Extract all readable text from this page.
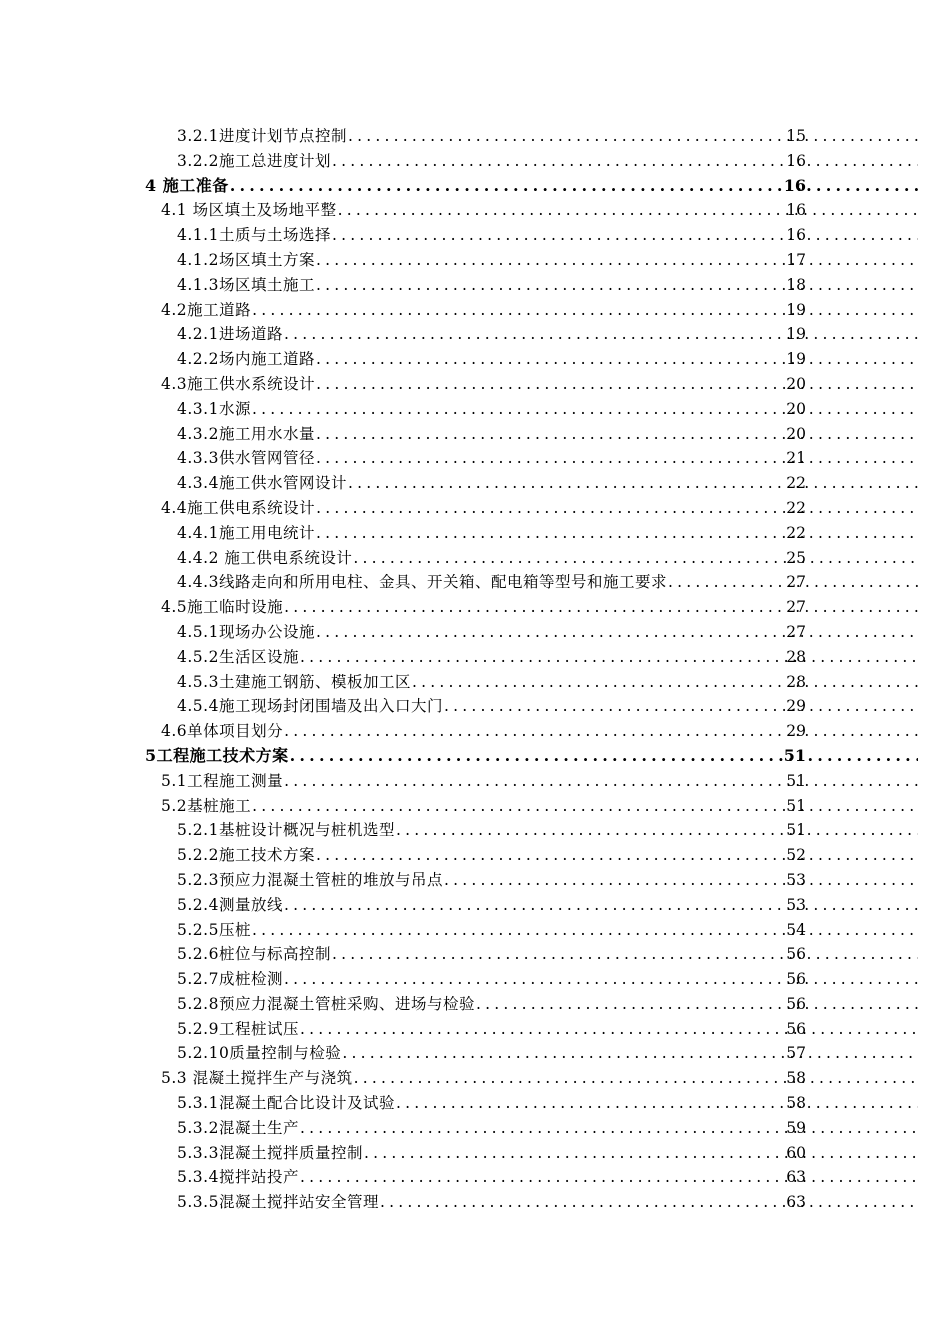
3.2.1进度计划节点控制 .....	15
3.2.2施工总进度计划 .....	16
4 施工准备 .....	16
4.1 场区填土及场地平整 .....	16
4.1.1土质与土场选择 .....	16
4.1.2场区填土方案 .....	17
4.1.3场区填土施工 .....	18
4.2施工道路 .....	19
4.2.1进场道路 .....	19
4.2.2场内施工道路 .....	19
4.3施工供水系统设计 .....	20
4.3.1水源 .....	20
4.3.2施工用水水量 .....	20
4.3.3供水管网管径 .....	21
4.3.4施工供水管网设计 .....	22
4.4施工供电系统设计 .....	22
4.4.1施工用电统计 .....	22
4.4.2 施工供电系统设计 .....	25
4.4.3线路走向和所用电柱、金具、开关箱、配电箱等型号和施工要求 .....	27
4.5施工临时设施 .....	27
4.5.1现场办公设施 .....	27
4.5.2生活区设施 .....	28
4.5.3土建施工钢筋、模板加工区 .....	28
4.5.4施工现场封闭围墙及出入口大门 .....	29
4.6单体项目划分 .....	29
5工程施工技术方案 .....	51
5.1工程施工测量 .....	51
5.2基桩施工 .....	51
5.2.1基桩设计概况与桩机选型 .....	51
5.2.2施工技术方案 .....	52
5.2.3预应力混凝土管桩的堆放与吊点 .....	53
5.2.4测量放线 .....	53
5.2.5压桩 .....	54
5.2.6桩位与标高控制 .....	56
5.2.7成桩检测 .....	56
5.2.8预应力混凝土管桩采购、进场与检验 .....	56
5.2.9工程桩试压 .....	56
5.2.10质量控制与检验 .....	57
5.3 混凝土搅拌生产与浇筑 .....	58
5.3.1混凝土配合比设计及试验 .....	58
5.3.2混凝土生产 .....	59
5.3.3混凝土搅拌质量控制 .....	60
5.3.4搅拌站投产 .....	63
5.3.5混凝土搅拌站安全管理 .....	63
